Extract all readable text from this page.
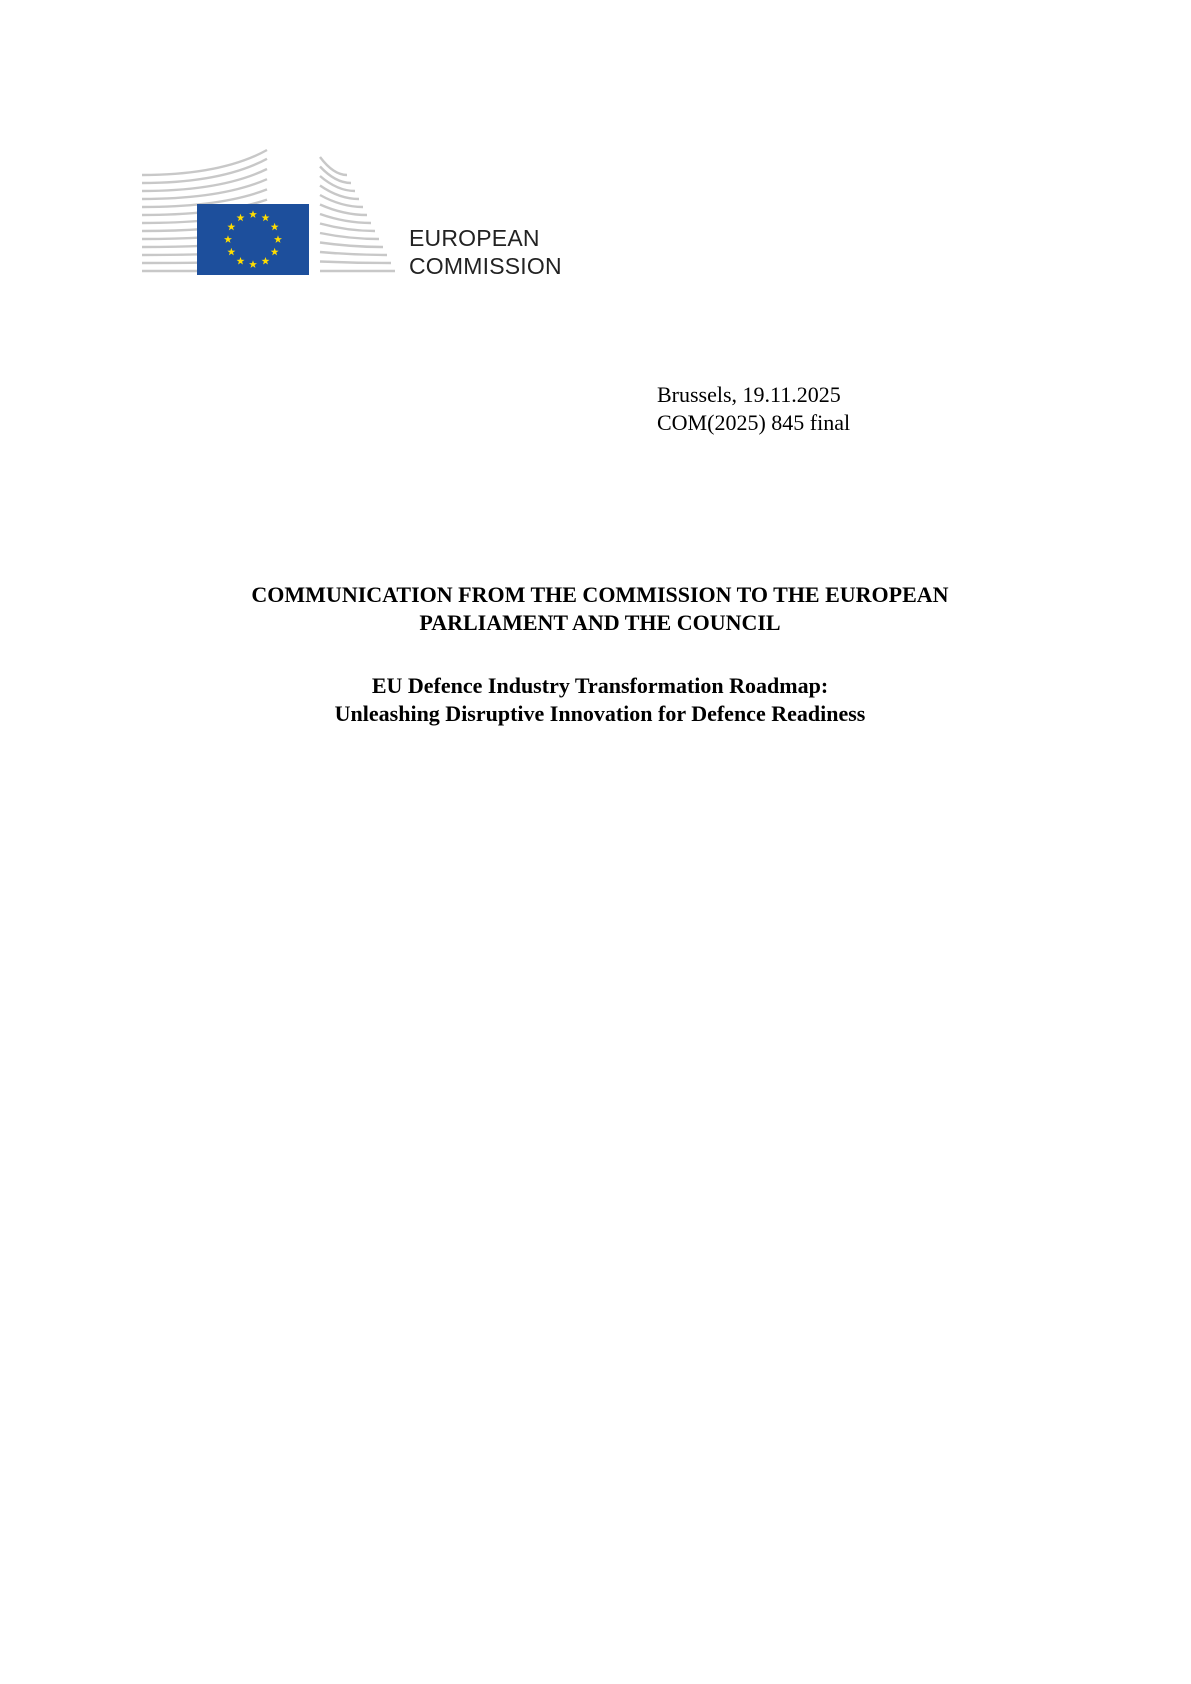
EUROPEAN
COMMISSION
Brussels, 19.11.2025
COM(2025) 845 final
COMMUNICATION FROM THE COMMISSION TO THE EUROPEAN
PARLIAMENT AND THE COUNCIL
EU Defence Industry Transformation Roadmap:
Unleashing Disruptive Innovation for Defence Readiness
